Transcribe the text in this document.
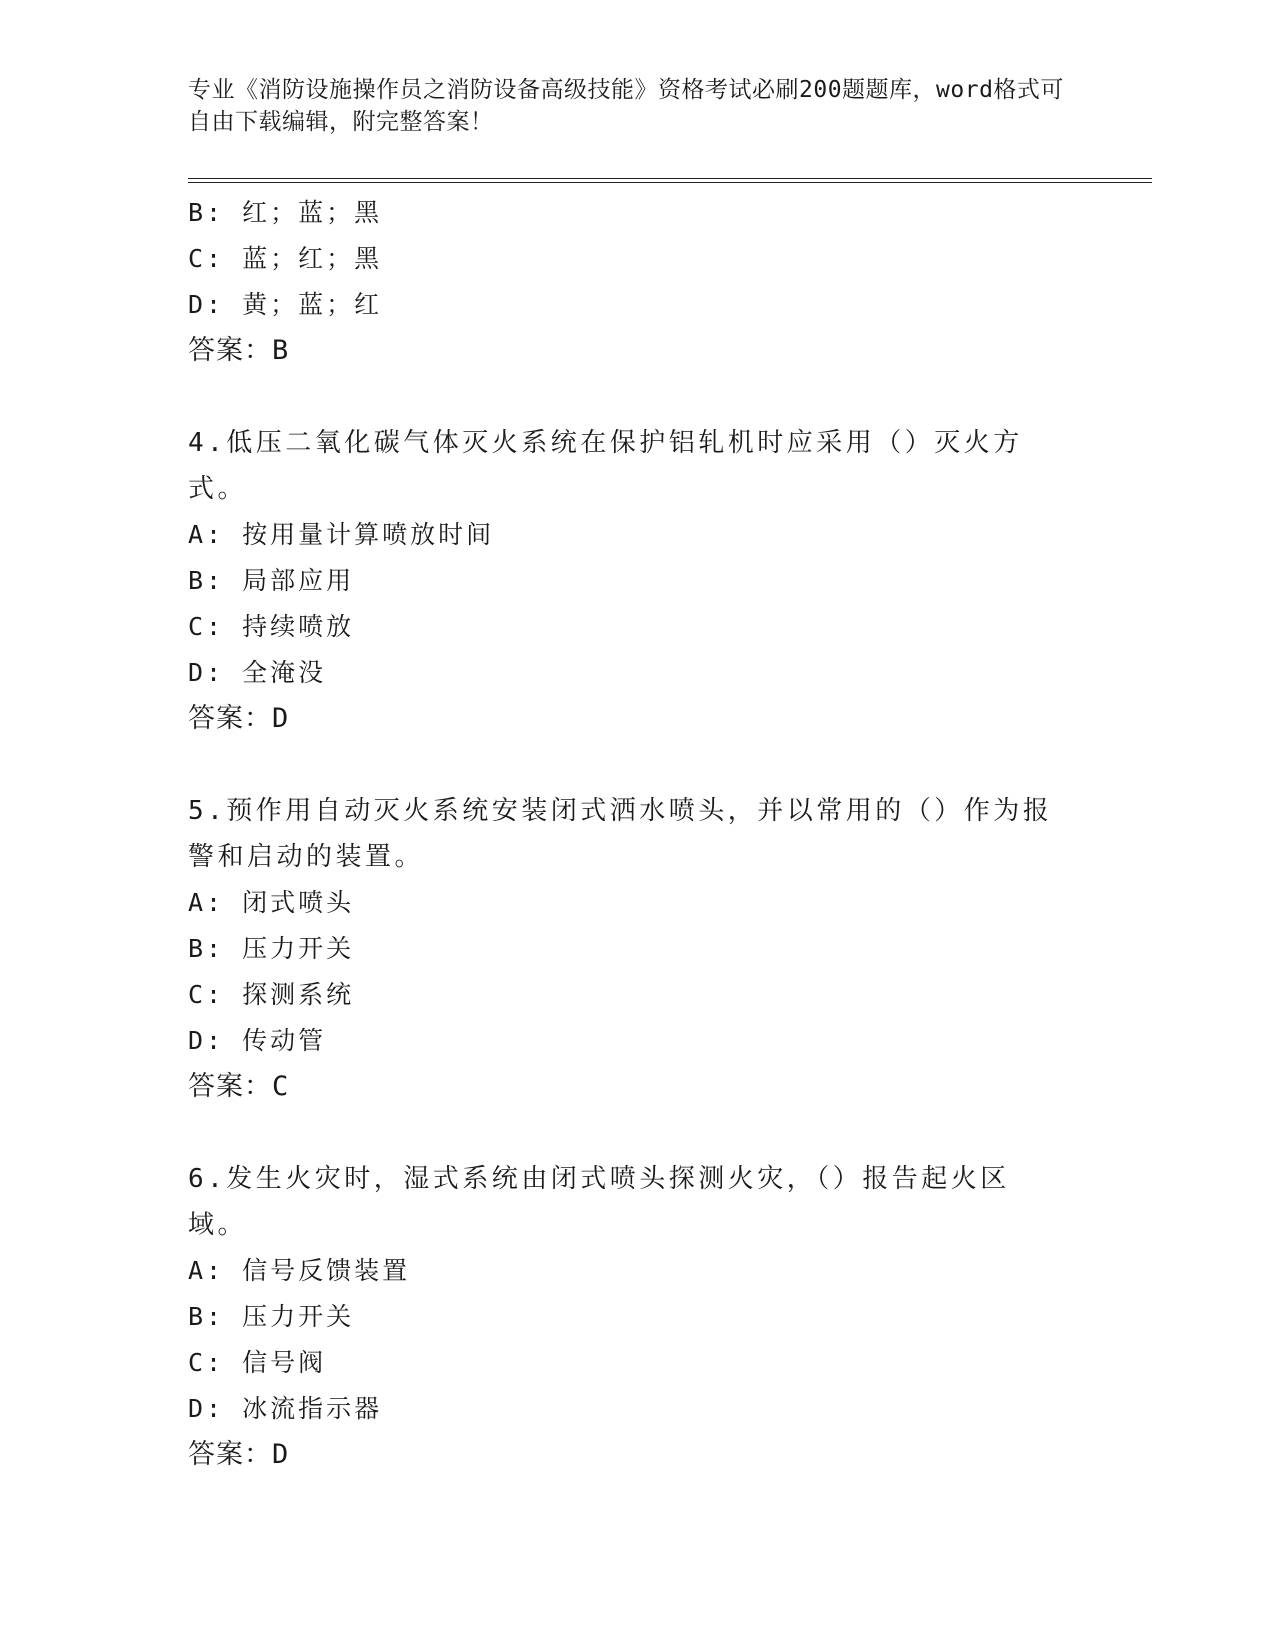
专业《消防设施操作员之消防设备高级技能》资格考试必刷200题题库，word格式可自由下载编辑，附完整答案！
B: 红；蓝；黑
C: 蓝；红；黑
D: 黄；蓝；红
答案：B
4.低压二氧化碳气体灭火系统在保护铝轧机时应采用（）灭火方式。
A: 按用量计算喷放时间
B: 局部应用
C: 持续喷放
D: 全淹没
答案：D
5.预作用自动灭火系统安装闭式洒水喷头，并以常用的（）作为报警和启动的装置。
A: 闭式喷头
B: 压力开关
C: 探测系统
D: 传动管
答案：C
6.发生火灾时，湿式系统由闭式喷头探测火灾，（）报告起火区域。
A: 信号反馈装置
B: 压力开关
C: 信号阀
D: 冰流指示器
答案：D
